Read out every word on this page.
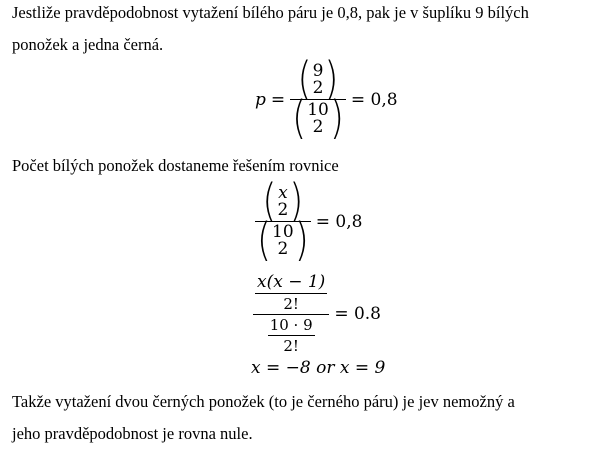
Jestliže pravděpodobnost vytažení bílého páru je 0,8, pak je v šuplíku 9 bílých

ponožek a jedna černá.

p = ( 9
2 )
( 10
2 ) = 0,8

Počet bílých ponožek dostaneme řešením rovnice

( x
2 )
( 10
2 ) = 0,8
$\frac{\frac{x(x - 1)}{2!}}{\frac{10 \cdot 9}{2!}} = 0.8$
x = −8 or x = 9

Takže vytažení dvou černých ponožek (to je černého páru) je jev nemožný a

jeho pravděpodobnost je rovna nule.
